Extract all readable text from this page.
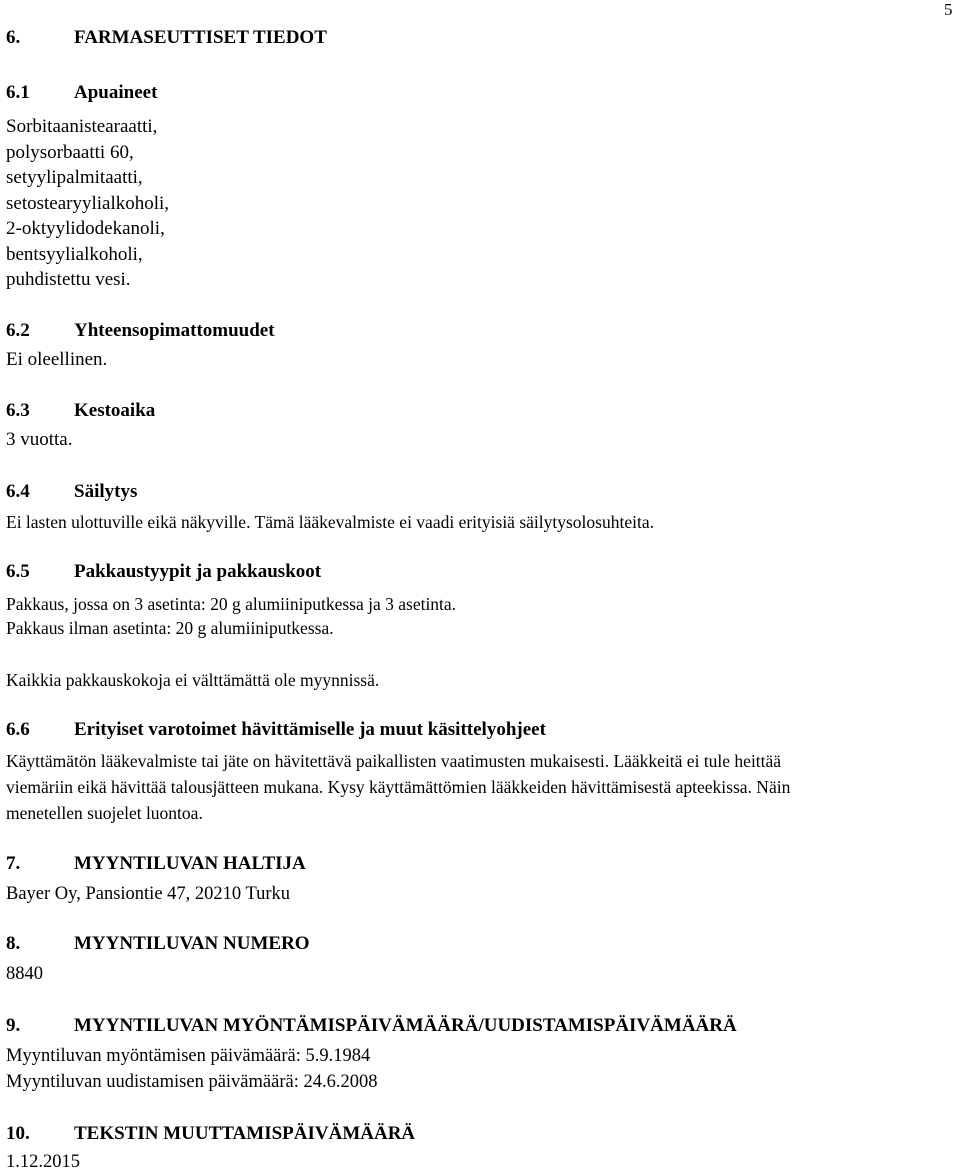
5
6.	FARMASEUTTISET TIEDOT
6.1 Apuaineet
Sorbitaanistearaatti,
polysorbaatti 60,
setyylipalmitaatti,
setostearyylialkoholi,
2-oktyylidodekanoli,
bentsyylialkoholi,
puhdistettu vesi.
6.2 Yhteensopimattomuudet
Ei oleellinen.
6.3 Kestoaika
3 vuotta.
6.4 Säilytys
Ei lasten ulottuville eikä näkyville. Tämä lääkevalmiste ei vaadi erityisiä säilytysolosuhteita.
6.5 Pakkaustyypit ja pakkauskoot
Pakkaus, jossa on 3 asetinta: 20 g alumiiniputkessa ja 3 asetinta.
Pakkaus ilman asetinta: 20 g alumiiniputkessa.
Kaikkia pakkauskokoja ei välttämättä ole myynnissä.
6.6 Erityiset varotoimet hävittämiselle ja muut käsittelyohjeet
Käyttämätön lääkevalmiste tai jäte on hävitettävä paikallisten vaatimusten mukaisesti. Lääkkeitä ei tule heittää
viemäriin eikä hävittää talousjätteen mukana. Kysy käyttämättömien lääkkeiden hävittämisestä apteekissa. Näin
menetellen suojelet luontoa.
7.	MYYNTILUVAN HALTIJA
Bayer Oy, Pansiontie 47, 20210 Turku
8.	MYYNTILUVAN NUMERO
8840
9.	MYYNTILUVAN MYÖNTÄMISPÄIVÄMÄÄRÄ/UUDISTAMISPÄIVÄMÄÄRÄ
Myyntiluvan myöntämisen päivämäärä: 5.9.1984
Myyntiluvan uudistamisen päivämäärä: 24.6.2008
10. TEKSTIN MUUTTAMISPÄIVÄMÄÄRÄ
1.12.2015
